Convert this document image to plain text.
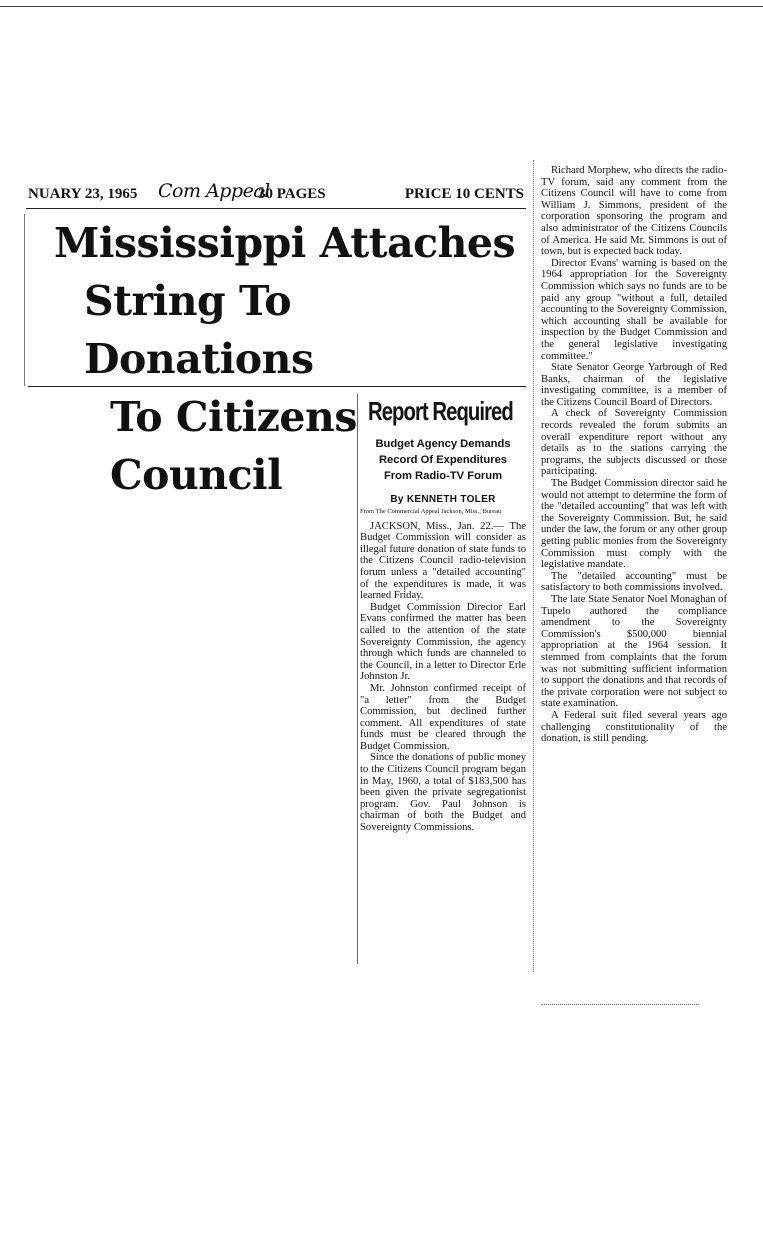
NUARY 23, 1965 Com Appeal
30 PAGES	PRICE 10 CENTS
Mississippi Attaches
String To Donations
To Citizens Council
Report Required
Budget Agency Demands
Record Of Expenditures
From Radio-TV Forum
By KENNETH TOLER
From The Commercial Appeal Jackson, Miss., Bureau

JACKSON, Miss., Jan. 22.— The Budget Commission will consider as illegal future donation of state funds to the Citizens Council radio-television forum unless a "detailed accounting" of the expenditures is made, it was learned Friday.

Budget Commission Director Earl Evans confirmed the matter has been called to the attention of the state Sovereignty Commission, the agency through which funds are channeled to the Council, in a letter to Director Erle Johnston Jr.

Mr. Johnston confirmed receipt of "a letter" from the Budget Commission, but declined further comment. All expenditures of state funds must be cleared through the Budget Commission.

Since the donations of public money to the Citizens Council program began in May, 1960, a total of $183,500 has been given the private segregationist program. Gov. Paul Johnson is chairman of both the Budget and Sovereignty Commissions.

Richard Morphew, who directs the radio-TV forum, said any comment from the Citizens Council will have to come from William J. Simmons, president of the corporation sponsoring the program and also administrator of the Citizens Councils of America. He said Mr. Simmons is out of town, but is expected back today.

Director Evans' warning is based on the 1964 appropriation for the Sovereignty Commission which says no funds are to be paid any group "without a full, detailed accounting to the Sovereignty Commission, which accounting shall be available for inspection by the Budget Commission and the general legislative investigating committee."

State Senator George Yarbrough of Red Banks, chairman of the legislative investigating committee, is a member of the Citizens Council Board of Directors.

A check of Sovereignty Commission records revealed the forum submits an overall expenditure report without any details as to the stations carrying the programs, the subjects discussed or those participating.

The Budget Commission director said he would not attempt to determine the form of the "detailed accounting" that was left with the Sovereignty Commission. But, he said under the law, the forum or any other group getting public monies from the Sovereignty Commission must comply with the legislative mandate.

The "detailed accounting" must be satisfactory to both commissions involved.

The late State Senator Noel Monaghan of Tupelo authored the compliance amendment to the Sovereignty Commission's $500,000 biennial appropriation at the 1964 session. It stemmed from complaints that the forum was not submitting sufficient information to support the donations and that records of the private corporation were not subject to state examination.

A Federal suit filed several years ago challenging constitutionality of the donation, is still pending.
